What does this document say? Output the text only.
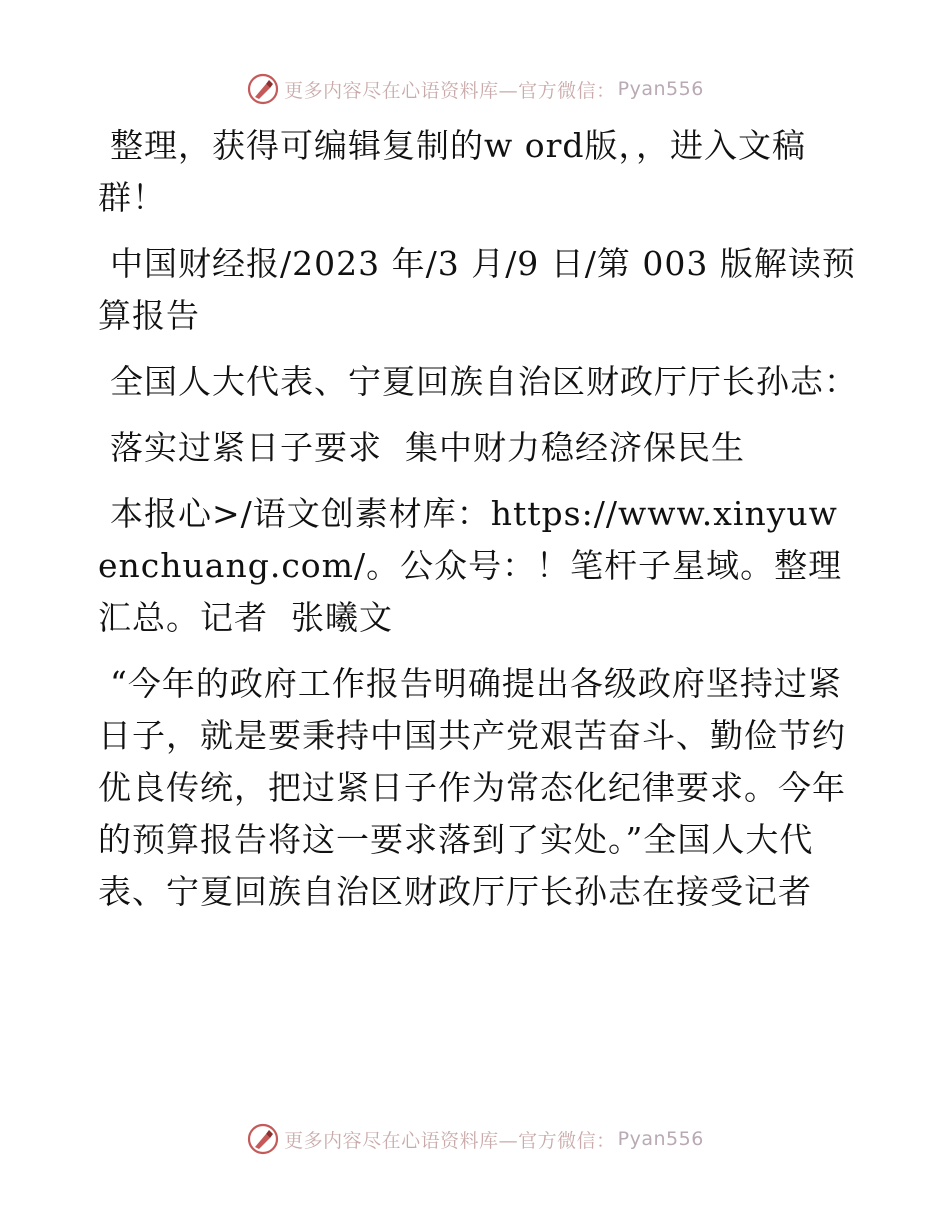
更多内容尽在心语资料库—官方微信： Pyan556

整理，获得可编辑复制的w ord版，，进入文稿群！

中国财经报/2023 年/3 月/9 日/第 003 版解读预算报告

全国人大代表、宁夏回族自治区财政厅厅长孙志：

落实过紧日子要求  集中财力稳经济保民生

本报心>/语文创素材库：https://www.xinyuwenchuang.com/。公众号：！笔杆子星域。整理汇总。记者  张曦文

“今年的政府工作报告明确提出各级政府坚持过紧日子，就是要秉持中国共产党艰苦奋斗、勤俭节约优良传统，把过紧日子作为常态化纪律要求。今年的预算报告将这一要求落到了实处。”全国人大代表、宁夏回族自治区财政厅厅长孙志在接受记者

更多内容尽在心语资料库—官方微信： Pyan556
